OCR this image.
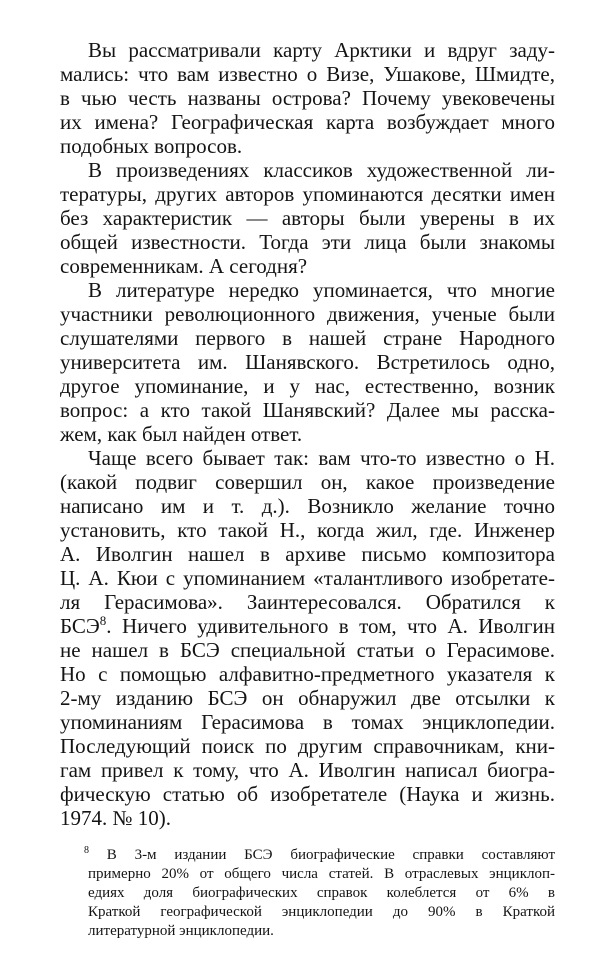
Вы рассматривали карту Арктики и вдруг заду-
мались: что вам известно о Визе, Ушакове, Шмидте,
в чью честь названы острова? Почему увековечены
их имена? Географическая карта возбуждает много
подобных вопросов.
В произведениях классиков художественной ли-
тературы, других авторов упоминаются десятки имен
без характеристик — авторы были уверены в их
общей известности. Тогда эти лица были знакомы
современникам. А сегодня?
В литературе нередко упоминается, что многие
участники революционного движения, ученые были
слушателями первого в нашей стране Народного
университета им. Шанявского. Встретилось одно,
другое упоминание, и у нас, естественно, возник
вопрос: а кто такой Шанявский? Далее мы расска-
жем, как был найден ответ.
Чаще всего бывает так: вам что-то известно о Н.
(какой подвиг совершил он, какое произведение
написано им и т. д.). Возникло желание точно
установить, кто такой Н., когда жил, где. Инженер
А. Иволгин нашел в архиве письмо композитора
Ц. А. Кюи с упоминанием «талантливого изобретате-
ля Герасимова». Заинтересовался. Обратился к
БСЭ$^8$. Ничего удивительного в том, что А. Иволгин
не нашел в БСЭ специальной статьи о Герасимове.
Но с помощью алфавитно-предметного указателя к
2-му изданию БСЭ он обнаружил две отсылки к
упоминаниям Герасимова в томах энциклопедии.
Последующий поиск по другим справочникам, кни-
гам привел к тому, что А. Иволгин написал биогра-
фическую статью об изобретателе (Наука и жизнь.
1974. № 10).
$^8$ В 3-м издании БСЭ биографические справки составляют
примерно 20% от общего числа статей. В отраслевых энциклоп-
едиях доля биографических справок колеблется от 6% в
Краткой географической энциклопедии до 90% в Краткой
литературной энциклопедии.
